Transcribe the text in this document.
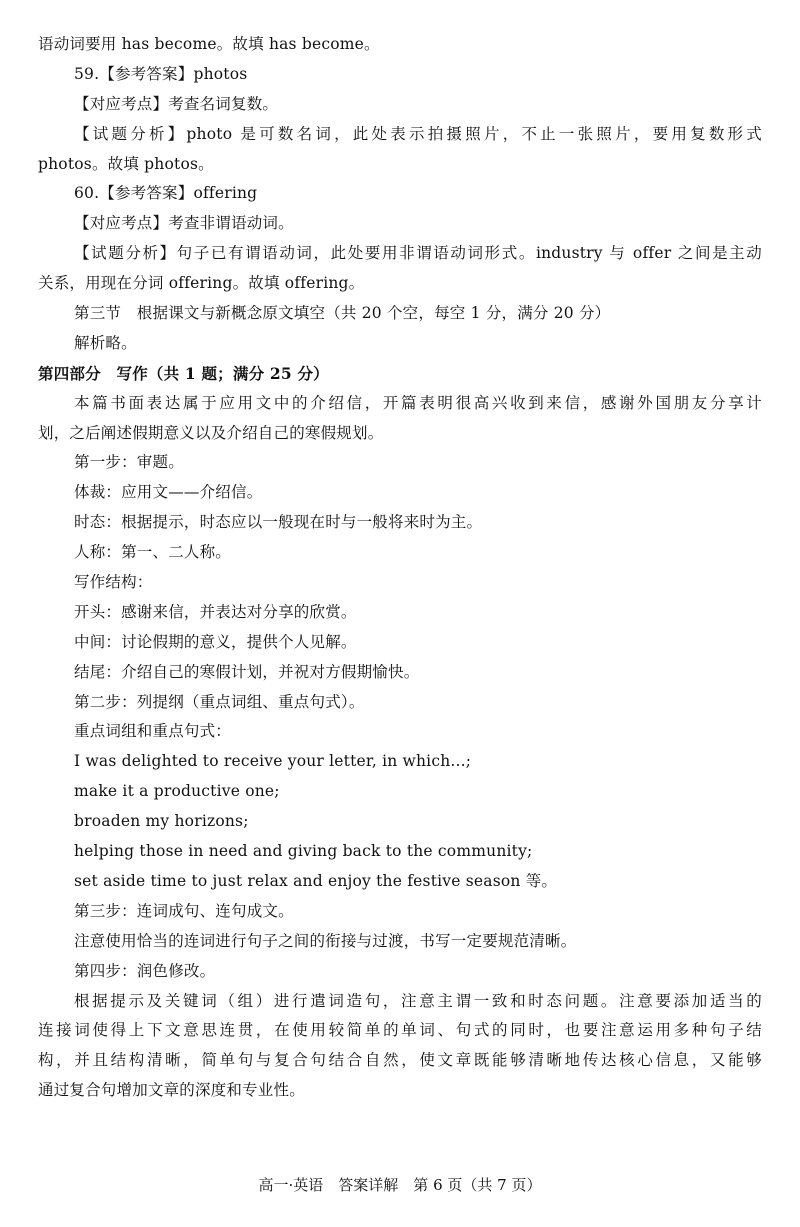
语动词要用 has become。故填 has become。
59.【参考答案】photos
【对应考点】考查名词复数。
【试题分析】photo 是可数名词，此处表示拍摄照片，不止一张照片，要用复数形式
photos。故填 photos。
60.【参考答案】offering
【对应考点】考查非谓语动词。
【试题分析】句子已有谓语动词，此处要用非谓语动词形式。industry 与 offer 之间是主动
关系，用现在分词 offering。故填 offering。
第三节　根据课文与新概念原文填空（共 20 个空，每空 1 分，满分 20 分）
解析略。
第四部分　写作（共 1 题；满分 25 分）
本篇书面表达属于应用文中的介绍信，开篇表明很高兴收到来信，感谢外国朋友分享计
划，之后阐述假期意义以及介绍自己的寒假规划。
第一步：审题。
体裁：应用文——介绍信。
时态：根据提示，时态应以一般现在时与一般将来时为主。
人称：第一、二人称。
写作结构：
开头：感谢来信，并表达对分享的欣赏。
中间：讨论假期的意义，提供个人见解。
结尾：介绍自己的寒假计划，并祝对方假期愉快。
第二步：列提纲（重点词组、重点句式）。
重点词组和重点句式：
I was delighted to receive your letter, in which...;
make it a productive one;
broaden my horizons;
helping those in need and giving back to the community;
set aside time to just relax and enjoy the festive season 等。
第三步：连词成句、连句成文。
注意使用恰当的连词进行句子之间的衔接与过渡，书写一定要规范清晰。
第四步：润色修改。
根据提示及关键词（组）进行遣词造句，注意主谓一致和时态问题。注意要添加适当的
连接词使得上下文意思连贯，在使用较简单的单词、句式的同时，也要注意运用多种句子结
构，并且结构清晰，简单句与复合句结合自然，使文章既能够清晰地传达核心信息，又能够
通过复合句增加文章的深度和专业性。
高一·英语　答案详解　第 6 页（共 7 页）
